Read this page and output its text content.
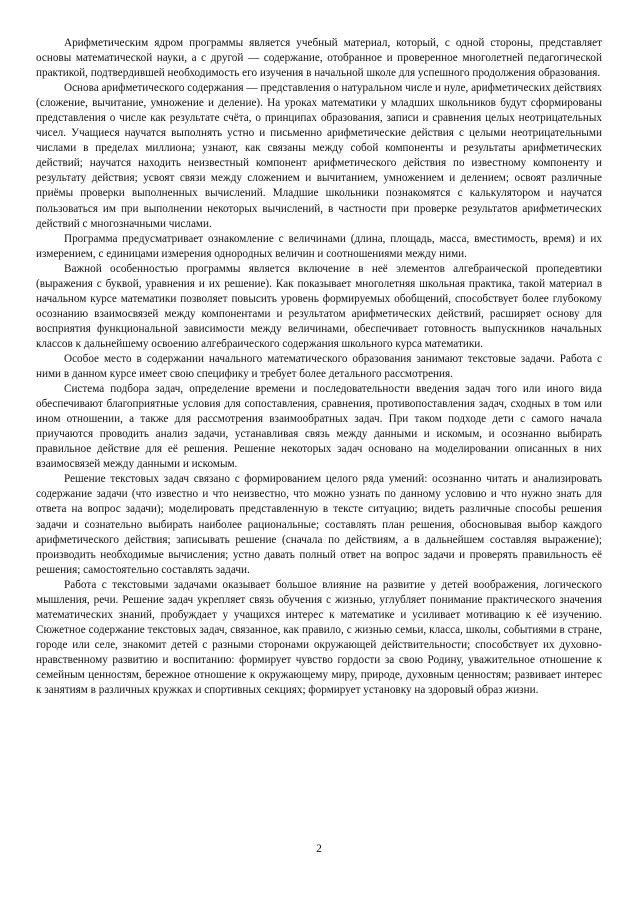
Арифметическим ядром программы является учебный материал, который, с одной стороны, представляет основы математической науки, а с другой — содержание, отобранное и проверенное многолетней педагогической практикой, подтвердившей необходимость его изучения в начальной школе для успешного продолжения образования.

Основа арифметического содержания — представления о натуральном числе и нуле, арифметических действиях (сложение, вычитание, умножение и деление). На уроках математики у младших школьников будут сформированы представления о числе как результате счёта, о принципах образования, записи и сравнения целых неотрицательных чисел. Учащиеся научатся выполнять устно и письменно арифметические действия с целыми неотрицательными числами в пределах миллиона; узнают, как связаны между собой компоненты и результаты арифметических действий; научатся находить неизвестный компонент арифметического действия по известному компоненту и результату действия; усвоят связи между сложением и вычитанием, умножением и делением; освоят различные приёмы проверки выполненных вычислений. Младшие школьники познакомятся с калькулятором и научатся пользоваться им при выполнении некоторых вычислений, в частности при проверке результатов арифметических действий с многозначными числами.

Программа предусматривает ознакомление с величинами (длина, площадь, масса, вместимость, время) и их измерением, с единицами измерения однородных величин и соотношениями между ними.

Важной особенностью программы является включение в неё элементов алгебраической пропедевтики (выражения с буквой, уравнения и их решение). Как показывает многолетняя школьная практика, такой материал в начальном курсе математики позволяет повысить уровень формируемых обобщений, способствует более глубокому осознанию взаимосвязей между компонентами и результатом арифметических действий, расширяет основу для восприятия функциональной зависимости между величинами, обеспечивает готовность выпускников начальных классов к дальнейшему освоению алгебраического содержания школьного курса математики.

Особое место в содержании начального математического образования занимают текстовые задачи. Работа с ними в данном курсе имеет свою специфику и требует более детального рассмотрения.

Система подбора задач, определение времени и последовательности введения задач того или иного вида обеспечивают благоприятные условия для сопоставления, сравнения, противопоставления задач, сходных в том или ином отношении, а также для рассмотрения взаимообратных задач. При таком подходе дети с самого начала приучаются проводить анализ задачи, устанавливая связь между данными и искомым, и осознанно выбирать правильное действие для её решения. Решение некоторых задач основано на моделировании описанных в них взаимосвязей между данными и искомым.

Решение текстовых задач связано с формированием целого ряда умений: осознанно читать и анализировать содержание задачи (что известно и что неизвестно, что можно узнать по данному условию и что нужно знать для ответа на вопрос задачи); моделировать представленную в тексте ситуацию; видеть различные способы решения задачи и сознательно выбирать наиболее рациональные; составлять план решения, обосновывая выбор каждого арифметического действия; записывать решение (сначала по действиям, а в дальнейшем составляя выражение); производить необходимые вычисления; устно давать полный ответ на вопрос задачи и проверять правильность её решения; самостоятельно составлять задачи.

Работа с текстовыми задачами оказывает большое влияние на развитие у детей воображения, логического мышления, речи. Решение задач укрепляет связь обучения с жизнью, углубляет понимание практического значения математических знаний, пробуждает у учащихся интерес к математике и усиливает мотивацию к её изучению. Сюжетное содержание текстовых задач, связанное, как правило, с жизнью семьи, класса, школы, событиями в стране, городе или селе, знакомит детей с разными сторонами окружающей действительности; способствует их духовно-нравственному развитию и воспитанию: формирует чувство гордости за свою Родину, уважительное отношение к семейным ценностям, бережное отношение к окружающему миру, природе, духовным ценностям; развивает интерес к занятиям в различных кружках и спортивных секциях; формирует установку на здоровый образ жизни.

2
